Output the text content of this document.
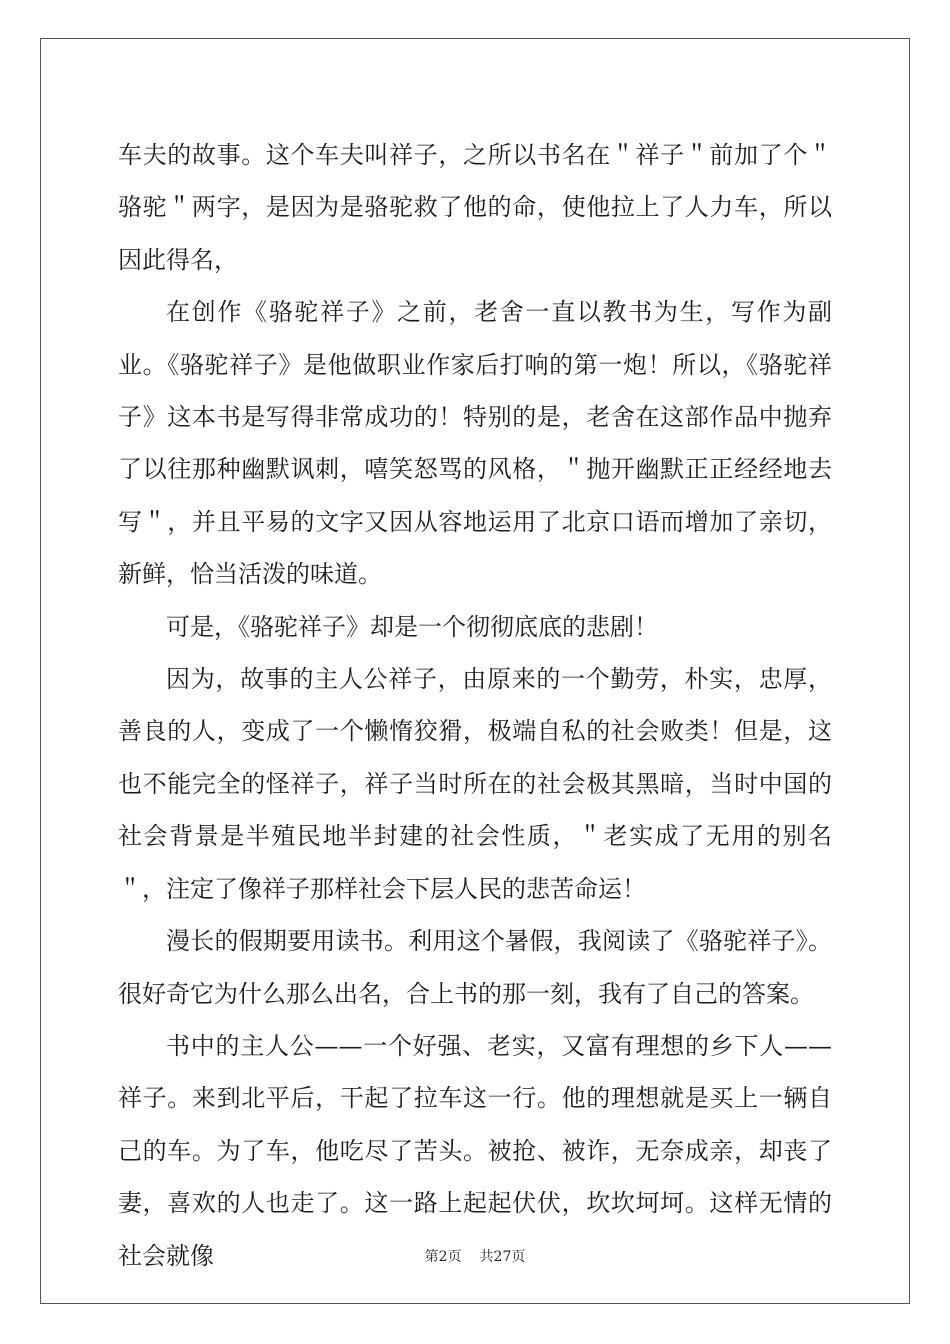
车夫的故事。这个车夫叫祥子，之所以书名在＂祥子＂前加了个＂骆驼＂两字，是因为是骆驼救了他的命，使他拉上了人力车，所以因此得名，

在创作《骆驼祥子》之前，老舍一直以教书为生，写作为副业。《骆驼祥子》是他做职业作家后打响的第一炮！所以，《骆驼祥子》这本书是写得非常成功的！特别的是，老舍在这部作品中抛弃了以往那种幽默讽刺，嘻笑怒骂的风格，＂抛开幽默正正经经地去写＂，并且平易的文字又因从容地运用了北京口语而增加了亲切，新鲜，恰当活泼的味道。

可是，《骆驼祥子》却是一个彻彻底底的悲剧！

因为，故事的主人公祥子，由原来的一个勤劳，朴实，忠厚，善良的人，变成了一个懒惰狡猾，极端自私的社会败类！但是，这也不能完全的怪祥子，祥子当时所在的社会极其黑暗，当时中国的社会背景是半殖民地半封建的社会性质，＂老实成了无用的别名＂，注定了像祥子那样社会下层人民的悲苦命运！

漫长的假期要用读书。利用这个暑假，我阅读了《骆驼祥子》。很好奇它为什么那么出名，合上书的那一刻，我有了自己的答案。

书中的主人公——一个好强、老实，又富有理想的乡下人——祥子。来到北平后，干起了拉车这一行。他的理想就是买上一辆自己的车。为了车，他吃尽了苦头。被抢、被诈，无奈成亲，却丧了妻，喜欢的人也走了。这一路上起起伏伏，坎坎坷坷。这样无情的社会就像	第2页 共27页
